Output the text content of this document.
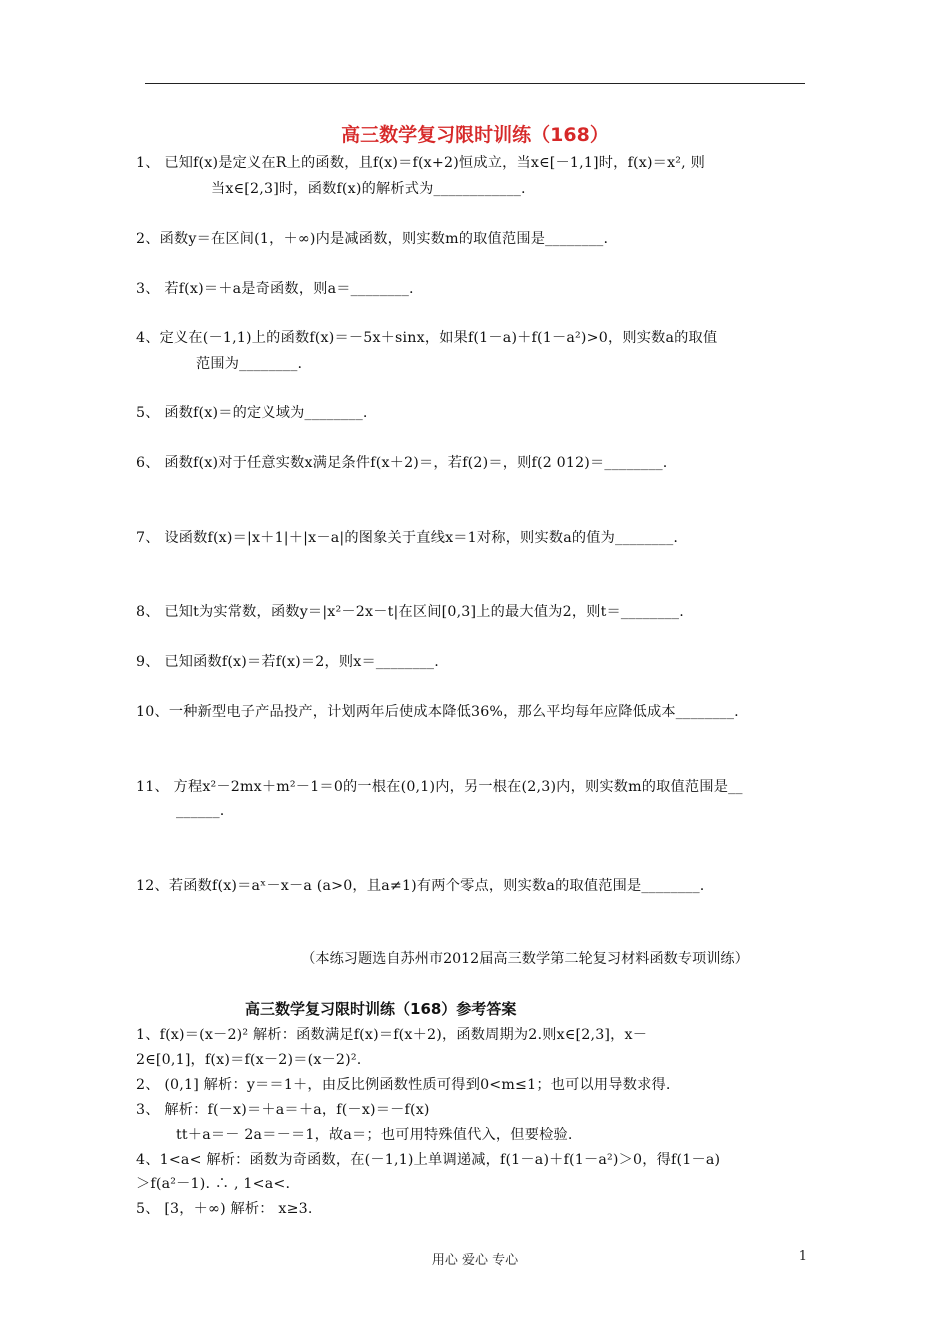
高三数学复习限时训练（168）
1、 已知f(x)是定义在R上的函数，且f(x)＝f(x+2)恒成立，当x∈[－1,1]时，f(x)＝x², 则
当x∈[2,3]时，函数f(x)的解析式为____________.
2、函数y＝在区间(1，＋∞)内是减函数，则实数m的取值范围是________.
3、 若f(x)＝＋a是奇函数，则a＝________.
4、定义在(－1,1)上的函数f(x)＝－5x＋sinx，如果f(1－a)＋f(1－a²)>0，则实数a的取值
范围为________.
5、 函数f(x)＝的定义域为________.
6、 函数f(x)对于任意实数x满足条件f(x＋2)＝，若f(2)＝，则f(2 012)＝________.
7、 设函数f(x)＝|x＋1|＋|x－a|的图象关于直线x＝1对称，则实数a的值为________.
8、 已知t为实常数，函数y＝|x²－2x－t|在区间[0,3]上的最大值为2，则t＝________.
9、 已知函数f(x)＝若f(x)＝2，则x＝________.
10、一种新型电子产品投产，计划两年后使成本降低36%，那么平均每年应降低成本________.
11、 方程x²－2mx＋m²－1＝0的一根在(0,1)内，另一根在(2,3)内，则实数m的取值范围是__
______.
12、若函数f(x)＝aˣ－x－a (a>0，且a≠1)有两个零点，则实数a的取值范围是________.
（本练习题选自苏州市2012届高三数学第二轮复习材料函数专项训练）
高三数学复习限时训练（168）参考答案
1、f(x)＝(x－2)² 解析：函数满足f(x)＝f(x＋2)，函数周期为2.则x∈[2,3]，x－
2∈[0,1]，f(x)＝f(x－2)＝(x－2)².
2、 (0,1] 解析：y＝＝1＋，由反比例函数性质可得到0<m≤1；也可以用导数求得.
3、 解析：f(－x)＝＋a＝＋a，f(－x)＝－f(x)
tt＋a＝－ 2a＝－＝1，故a＝；也可用特殊值代入，但要检验.
4、1<a< 解析：函数为奇函数，在(－1,1)上单调递减，f(1－a)＋f(1－a²)＞0，得f(1－a)
＞f(a²－1). ∴ , 1<a<.
5、 [3，＋∞) 解析： x≥3.
用心 爱心 专心	1
